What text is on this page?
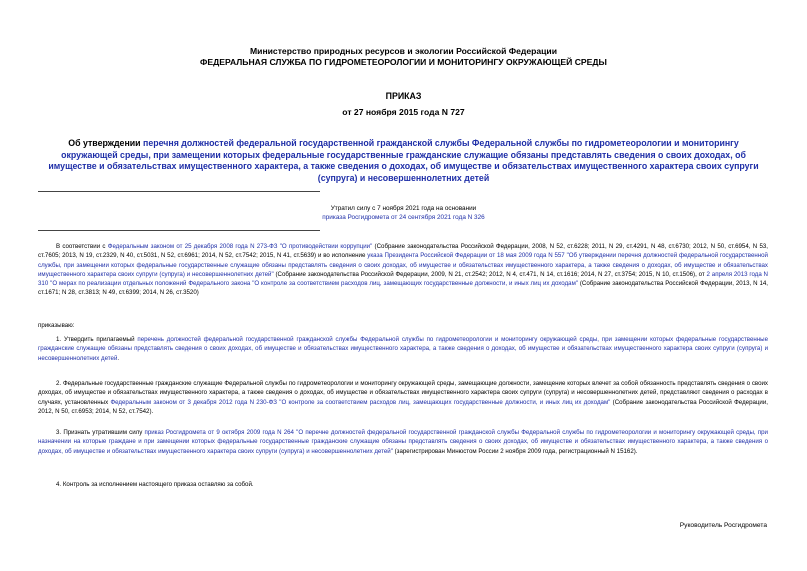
Министерство природных ресурсов и экологии Российской Федерации
ФЕДЕРАЛЬНАЯ СЛУЖБА ПО ГИДРОМЕТЕОРОЛОГИИ И МОНИТОРИНГУ ОКРУЖАЮЩЕЙ СРЕДЫ
ПРИКАЗ
от 27 ноября 2015 года N 727
Об утверждении перечня должностей федеральной государственной гражданской службы Федеральной службы по гидрометеорологии и мониторингу окружающей среды, при замещении которых федеральные государственные гражданские служащие обязаны представлять сведения о своих доходах, об имуществе и обязательствах имущественного характера, а также сведения о доходах, об имуществе и обязательствах имущественного характера своих супруги (супруга) и несовершеннолетних детей
Утратил силу с 7 ноября 2021 года на основании
приказа Росгидромета от 24 сентября 2021 года N 326
В соответствии с Федеральным законом от 25 декабря 2008 года N 273-ФЗ "О противодействии коррупции" (Собрание законодательства Российской Федерации, 2008, N 52, ст.6228; 2011, N 29, ст.4291, N 48, ст.6730; 2012, N 50, ст.6954, N 53, ст.7605; 2013, N 19, ст.2329, N 40, ст.5031, N 52, ст.6961; 2014, N 52, ст.7542; 2015, N 41, ст.5639) и во исполнение указа Президента Российской Федерации от 18 мая 2009 года N 557 "Об утверждении перечня должностей федеральной государственной службы, при замещении которых федеральные государственные служащие обязаны представлять сведения о своих доходах, об имуществе и обязательствах имущественного характера, а также сведения о доходах, об имуществе и обязательствах имущественного характера своих супруги (супруга) и несовершеннолетних детей" (Собрание законодательства Российской Федерации, 2009, N 21, ст.2542; 2012, N 4, ст.471, N 14, ст.1616; 2014, N 27, ст.3754; 2015, N 10, ст.1506), от 2 апреля 2013 года N 310 "О мерах по реализации отдельных положений Федерального закона "О контроле за соответствием расходов лиц, замещающих государственные должности, и иных лиц их доходам" (Собрание законодательства Российской Федерации, 2013, N 14, ст.1671; N 28, ст.3813; N 49, ст.6399; 2014, N 26, ст.3520)
приказываю:
1. Утвердить прилагаемый перечень должностей федеральной государственной гражданской службы Федеральной службы по гидрометеорологии и мониторингу окружающей среды, при замещении которых федеральные государственные гражданские служащие обязаны представлять сведения о своих доходах, об имуществе и обязательствах имущественного характера, а также сведения о доходах, об имуществе и обязательствах имущественного характера своих супруги (супруга) и несовершеннолетних детей.
2. Федеральные государственные гражданские служащие Федеральной службы по гидрометеорологии и мониторингу окружающей среды, замещающие должности, замещение которых влечет за собой обязанность представлять сведения о своих доходах, об имуществе и обязательствах имущественного характера, а также сведения о доходах, об имуществе и обязательствах имущественного характера своих супруги (супруга) и несовершеннолетних детей, представляют сведения о расходах в случаях, установленных Федеральным законом от 3 декабря 2012 года N 230-ФЗ "О контроле за соответствием расходов лиц, замещающих государственные должности, и иных лиц их доходам" (Собрание законодательства Российской Федерации, 2012, N 50, ст.6953; 2014, N 52, ст.7542).
3. Признать утратившим силу приказ Росгидромета от 9 октября 2009 года N 264 "О перечне должностей федеральной государственной гражданской службы Федеральной службы по гидрометеорологии и мониторингу окружающей среды, при назначении на которые граждане и при замещении которых федеральные государственные гражданские служащие обязаны представлять сведения о своих доходах, об имуществе и обязательствах имущественного характера, а также сведения о доходах, об имуществе и обязательствах имущественного характера своих супруги (супруга) и несовершеннолетних детей" (зарегистрирован Минюстом России 2 ноября 2009 года, регистрационный N 15162).
4. Контроль за исполнением настоящего приказа оставляю за собой.
Руководитель Росгидромета
